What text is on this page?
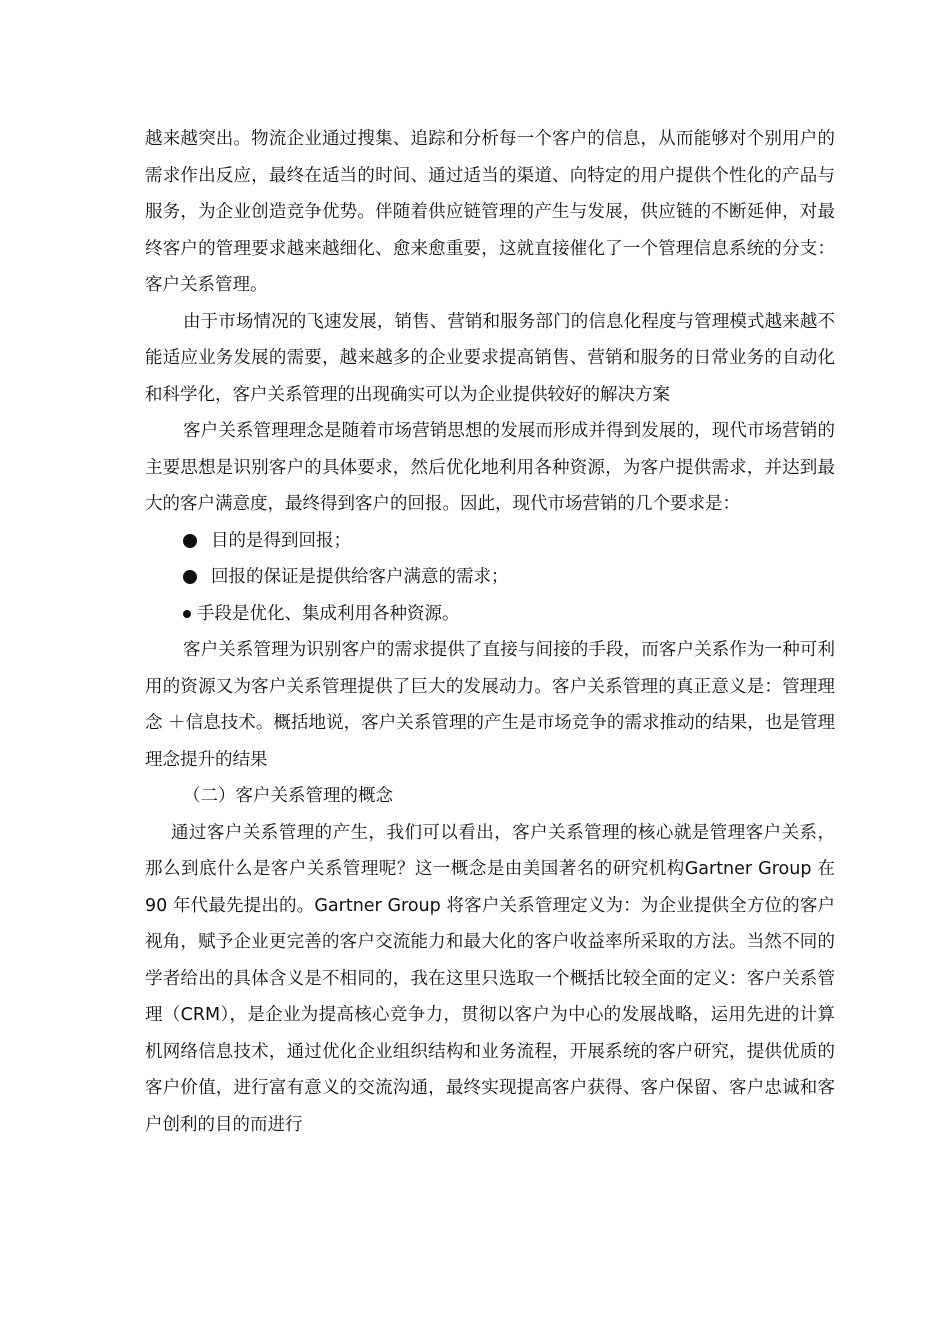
越来越突出。物流企业通过搜集、追踪和分析每一个客户的信息，从而能够对个别用户的需求作出反应，最终在适当的时间、通过适当的渠道、向特定的用户提供个性化的产品与服务，为企业创造竞争优势。伴随着供应链管理的产生与发展，供应链的不断延伸，对最终客户的管理要求越来越细化、愈来愈重要，这就直接催化了一个管理信息系统的分支：客户关系管理。

由于市场情况的飞速发展，销售、营销和服务部门的信息化程度与管理模式越来越不能适应业务发展的需要，越来越多的企业要求提高销售、营销和服务的日常业务的自动化和科学化，客户关系管理的出现确实可以为企业提供较好的解决方案

客户关系管理理念是随着市场营销思想的发展而形成并得到发展的，现代市场营销的主要思想是识别客户的具体要求，然后优化地利用各种资源，为客户提供需求，并达到最大的客户满意度，最终得到客户的回报。因此，现代市场营销的几个要求是：

目的是得到回报；
回报的保证是提供给客户满意的需求；
手段是优化、集成利用各种资源。

客户关系管理为识别客户的需求提供了直接与间接的手段，而客户关系作为一种可利用的资源又为客户关系管理提供了巨大的发展动力。客户关系管理的真正意义是：管理理念 ＋信息技术。概括地说，客户关系管理的产生是市场竞争的需求推动的结果，也是管理理念提升的结果

（二）客户关系管理的概念

通过客户关系管理的产生，我们可以看出，客户关系管理的核心就是管理客户关系，那么到底什么是客户关系管理呢？这一概念是由美国著名的研究机构Gartner Group 在 90 年代最先提出的。Gartner Group 将客户关系管理定义为：为企业提供全方位的客户视角，赋予企业更完善的客户交流能力和最大化的客户收益率所采取的方法。当然不同的学者给出的具体含义是不相同的，我在这里只选取一个概括比较全面的定义：客户关系管理（CRM），是企业为提高核心竞争力，贯彻以客户为中心的发展战略，运用先进的计算机网络信息技术，通过优化企业组织结构和业务流程，开展系统的客户研究，提供优质的客户价值，进行富有意义的交流沟通，最终实现提高客户获得、客户保留、客户忠诚和客户创利的目的而进行
